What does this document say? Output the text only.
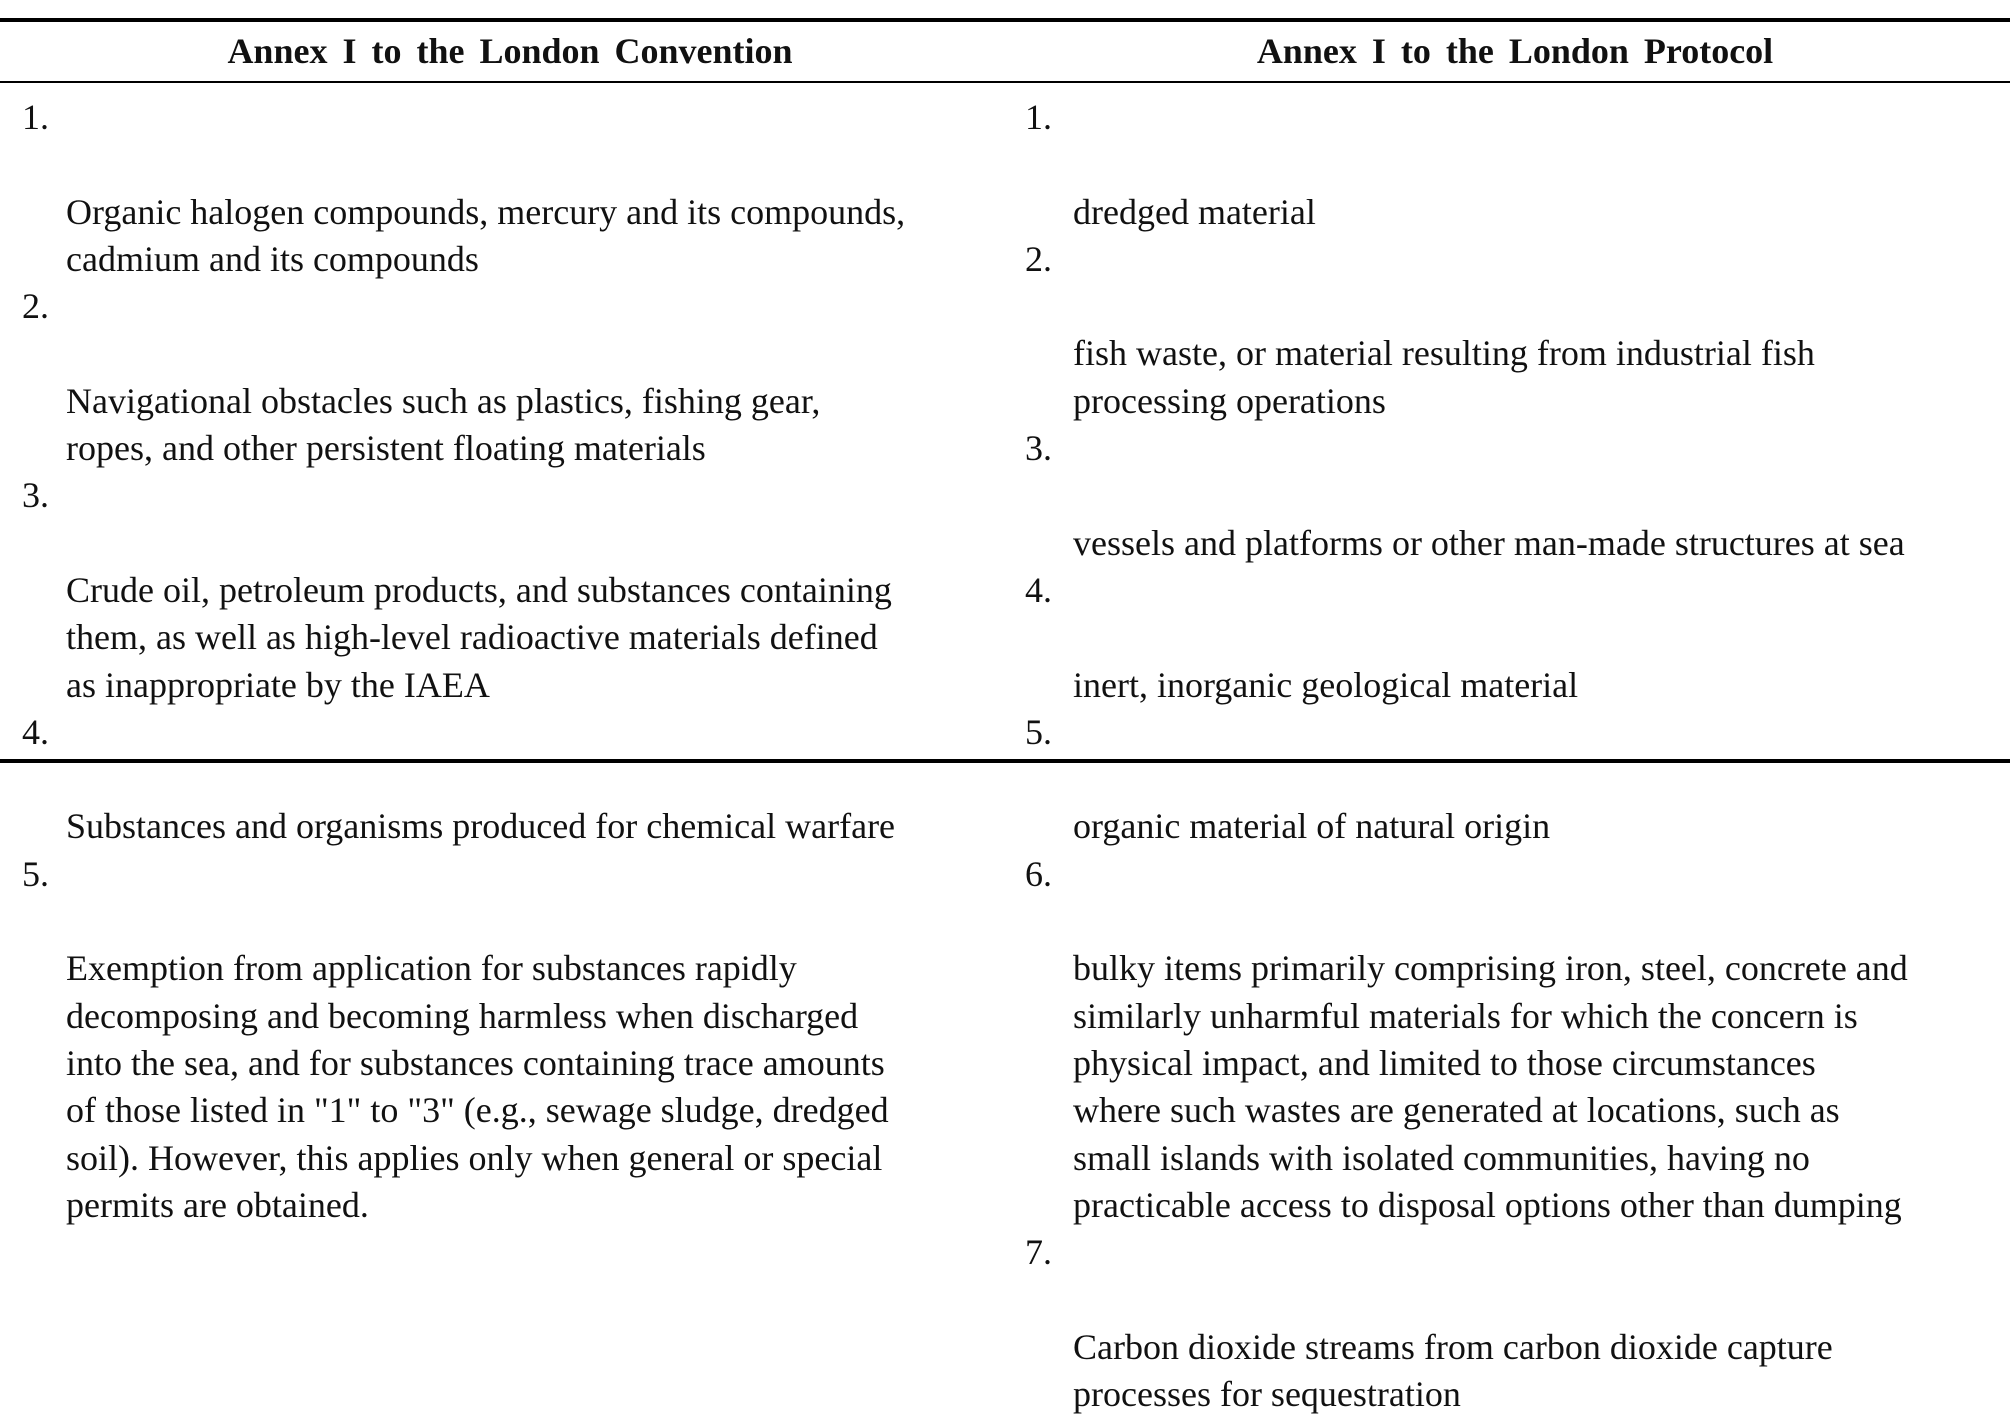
Annex I to the London Convention	Annex I to the London Protocol

1.

Organic halogen compounds, mercury and its compounds,
cadmium and its compounds

2.

Navigational obstacles such as plastics, fishing gear,
ropes, and other persistent floating materials

3.

Crude oil, petroleum products, and substances containing
them, as well as high-level radioactive materials defined
as inappropriate by the IAEA

4.

Substances and organisms produced for chemical warfare

5.

Exemption from application for substances rapidly
decomposing and becoming harmless when discharged
into the sea, and for substances containing trace amounts
of those listed in "1" to "3" (e.g., sewage sludge, dredged
soil). However, this applies only when general or special
permits are obtained.

1.

dredged material

2.

fish waste, or material resulting from industrial fish
processing operations

3.

vessels and platforms or other man-made structures at sea

4.

inert, inorganic geological material

5.

organic material of natural origin

6.

bulky items primarily comprising iron, steel, concrete and
similarly unharmful materials for which the concern is
physical impact, and limited to those circumstances
where such wastes are generated at locations, such as
small islands with isolated communities, having no
practicable access to disposal options other than dumping

7.

Carbon dioxide streams from carbon dioxide capture
processes for sequestration
